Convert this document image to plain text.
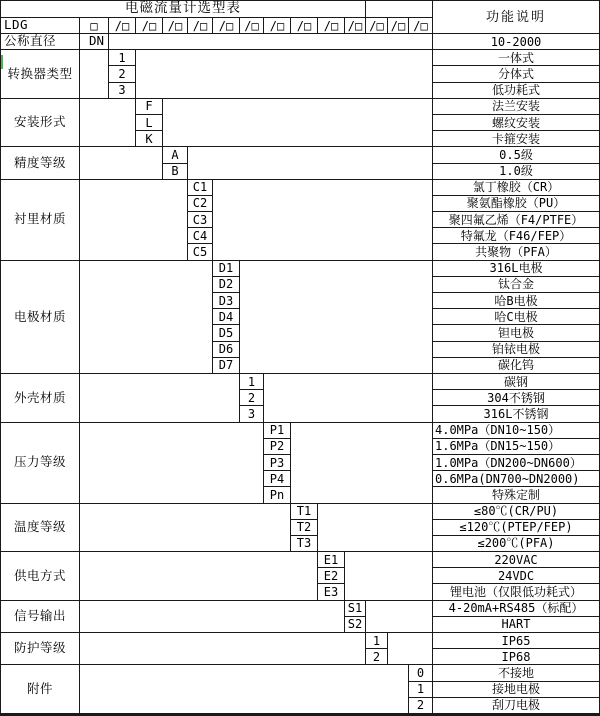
电磁流量计选型表
功能说明
LDG	□	/□	/□ /□ /□ /□ /□ /□	/□	/□ /□ /□ /□ /□
公称直径	DN	10-2000
转换器类型
1	一体式
2	分体式
3	低功耗式
安装形式
F	法兰安装
L	螺纹安装
K	卡箍安装
精度等级	A	0.5级
B	1.0级
衬里材质
C1	氯丁橡胶（CR）
C2	聚氨酯橡胶（PU）
C3	聚四氟乙烯（F4/PTFE）
C4	特氟龙（F46/FEP）
C5	共聚物（PFA）
电极材质
D1	316L电极
D2	钛合金
D3	哈B电极
D4	哈C电极
D5	钽电极
D6	铂铱电极
D7	碳化钨
外壳材质
1	碳钢
2	304不锈钢
3	316L不锈钢
压力等级
P1	4.0MPa（DN10~150）
P2	1.6MPa（DN15~150）
P3	1.0MPa（DN200~DN600）
P4	0.6MPa(DN700~DN2000)
Pn	特殊定制
温度等级
T1	≤80℃(CR/PU)
T2	≤120℃(PTEP/FEP)
T3	≤200℃(PFA)
供电方式
E1	220VAC
E2	24VDC
E3	锂电池（仅限低功耗式）
信号输出	S1	4-20mA+RS485（标配）
S2	HART
防护等级	1	IP65
2	IP68
附件
0	不接地
1	接地电极
2	刮刀电极
